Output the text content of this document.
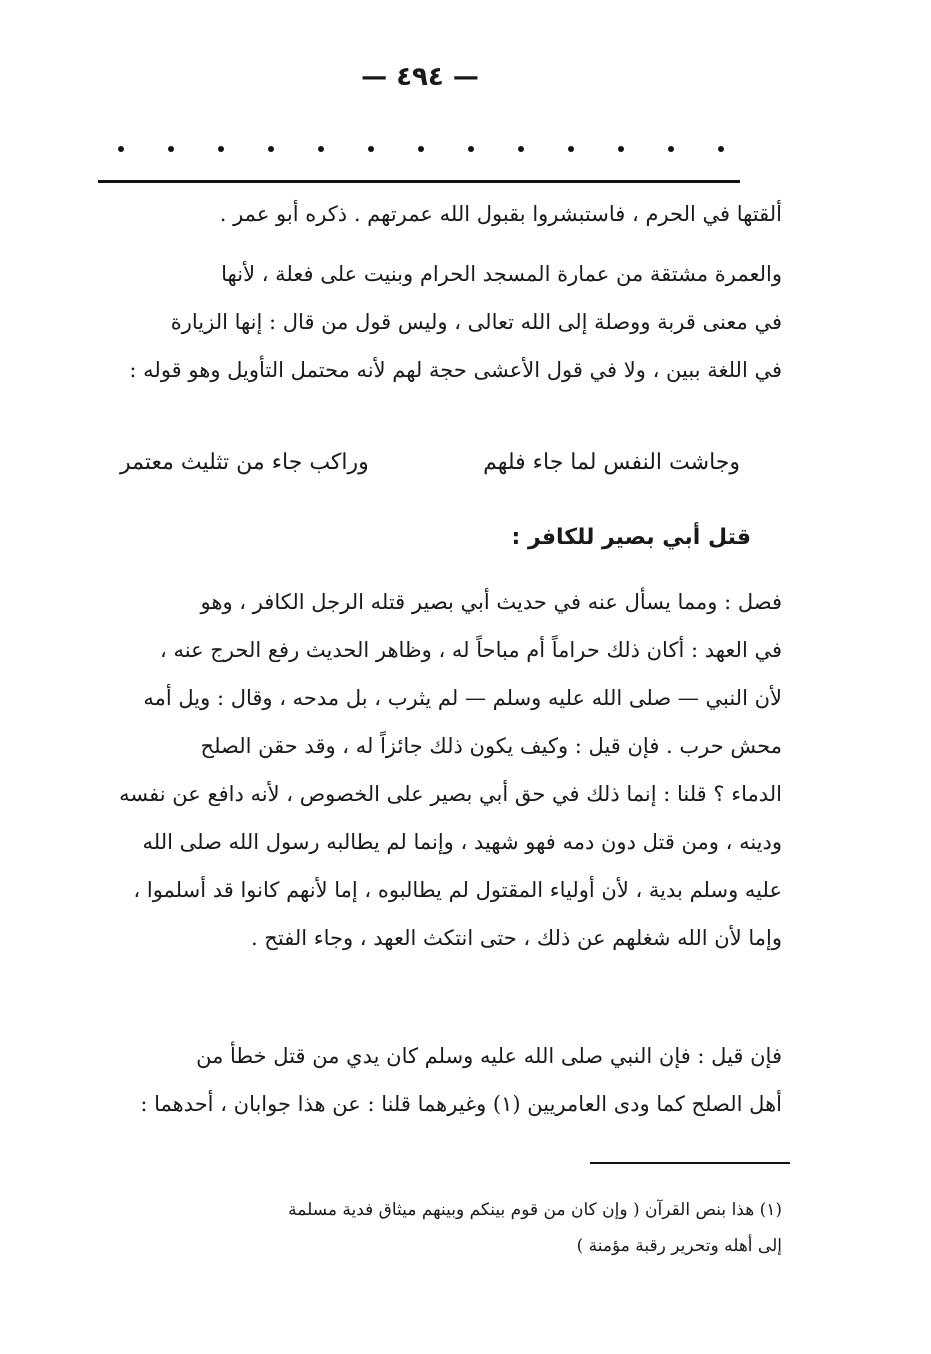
— ٤٩٤ —
ألقتها في الحرم ، فاستبشروا بقبول الله عمرتهم . ذكره أبو عمر .
والعمرة مشتقة من عمارة المسجد الحرام وبنيت على فعلة ، لأنها
في معنى قربة ووصلة إلى الله تعالى ، وليس قول من قال : إنها الزيارة
في اللغة ببين ، ولا في قول الأعشى حجة لهم لأنه محتمل التأويل وهو قوله :
وجاشت النفس لما جاء فلهم
وراكب جاء من تثليث معتمر
قتل أبي بصير للكافر :
فصل : ومما يسأل عنه في حديث أبي بصير قتله الرجل الكافر ، وهو
في العهد : أكان ذلك حراماً أم مباحاً له ، وظاهر الحديث رفع الحرج عنه ،
لأن النبي — صلى الله عليه وسلم — لم يثرب ، بل مدحه ، وقال : ويل أمه
محش حرب . فإن قيل : وكيف يكون ذلك جائزاً له ، وقد حقن الصلح
الدماء ؟ قلنا : إنما ذلك في حق أبي بصير على الخصوص ، لأنه دافع عن نفسه
ودينه ، ومن قتل دون دمه فهو شهيد ، وإنما لم يطالبه رسول الله صلى الله
عليه وسلم بدية ، لأن أولياء المقتول لم يطالبوه ، إما لأنهم كانوا قد أسلموا ،
وإما لأن الله شغلهم عن ذلك ، حتى انتكث العهد ، وجاء الفتح .
فإن قيل : فإن النبي صلى الله عليه وسلم كان يدي من قتل خطأ من
أهل الصلح كما ودى العامريين (١) وغيرهما قلنا : عن هذا جوابان ، أحدهما :
(١) هذا بنص القرآن ( وإن كان من قوم بينكم وبينهم ميثاق فدية مسلمة
إلى أهله وتحرير رقبة مؤمنة )
